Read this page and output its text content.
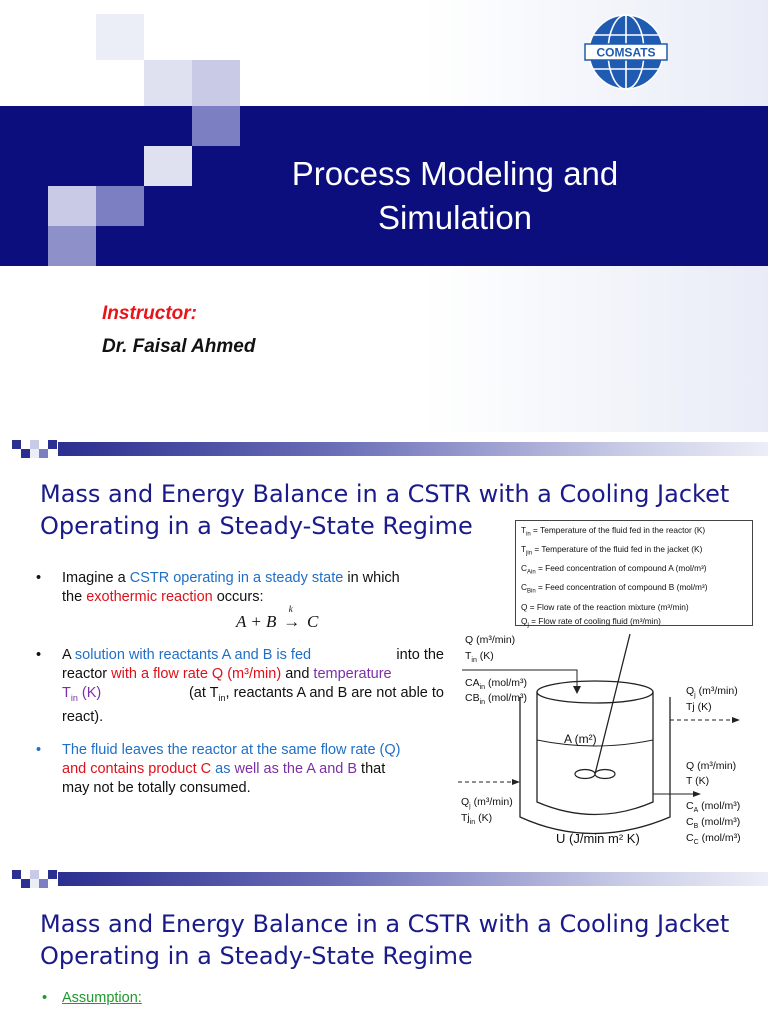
COMSATS
Process Modeling and
Simulation
Instructor:
Dr. Faisal Ahmed
Mass and Energy Balance in a CSTR with a Cooling Jacket
Operating in a Steady-State Regime
• Imagine a CSTR operating in a steady state in which
the exothermic reaction occurs:
A + B
k
→ C
• A solution with reactants A and B is fed	into the
reactor with a flow rate Q (m³/min) and temperature
$T_{in}$ (K)	(at $T_{in}$, reactants A and B are not able to
react).
• The fluid leaves the reactor at the same flow rate (Q)
and contains product C as well as the A and B that
may not be totally consumed.
$T_{in}$ = Temperature of the fluid fed in the reactor (K)
$T_{jin}$ = Temperature of the fluid fed in the jacket (K)
$C_{Ain}$ = Feed concentration of compound A (mol/m³)
$C_{Bin}$ = Feed concentration of compound B (mol/m³)
Q = Flow rate of the reaction mixture (m³/min)
$Q_j$ = Flow rate of cooling fluid (m³/min)
Q (m³/min)
$T_{in}$ (K)
$CA_{in}$ (mol/m³)
$CB_{in}$ (mol/m³)
$Q_j$ (m³/min)
Tj (K)
A (m²)
Q (m³/min)
T (K)
$Q_j$ (m³/min)
$Tj_{in}$ (K)
$C_A$ (mol/m³)
$C_B$ (mol/m³)
$C_C$ (mol/m³)
U (J/min m² K)
Mass and Energy Balance in a CSTR with a Cooling Jacket
Operating in a Steady-State Regime
• Assumption:
